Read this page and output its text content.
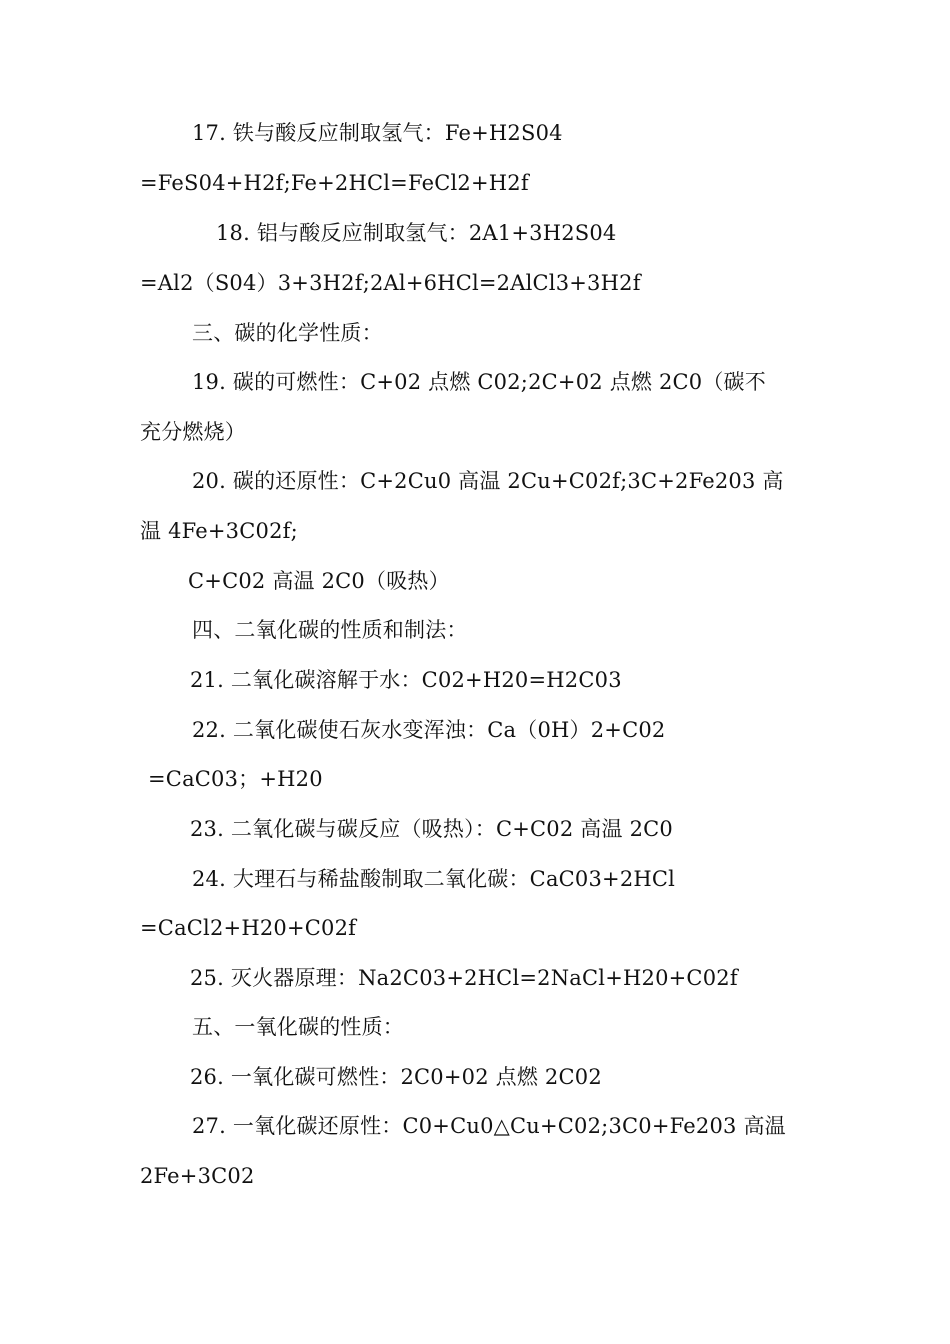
17. 铁与酸反应制取氢气：Fe+H2S04
=FeS04+H2f;Fe+2HCl=FeCl2+H2f
18. 铝与酸反应制取氢气：2A1+3H2S04
=Al2（S04）3+3H2f;2Al+6HCl=2AlCl3+3H2f
三、碳的化学性质：
19. 碳的可燃性：C+02 点燃 C02;2C+02 点燃 2C0（碳不
充分燃烧）
20. 碳的还原性：C+2Cu0 高温 2Cu+C02f;3C+2Fe203 高
温 4Fe+3C02f;
C+C02 高温 2C0（吸热）
四、二氧化碳的性质和制法：
21. 二氧化碳溶解于水：C02+H20=H2C03
22. 二氧化碳使石灰水变浑浊：Ca（0H）2+C02
=CaC03；+H20
23. 二氧化碳与碳反应（吸热）：C+C02 高温 2C0
24. 大理石与稀盐酸制取二氧化碳：CaC03+2HCl
=CaCl2+H20+C02f
25. 灭火器原理：Na2C03+2HCl=2NaCl+H20+C02f
五、一氧化碳的性质：
26. 一氧化碳可燃性：2C0+02 点燃 2C02
27. 一氧化碳还原性：C0+Cu0△Cu+C02;3C0+Fe203 高温
2Fe+3C02
